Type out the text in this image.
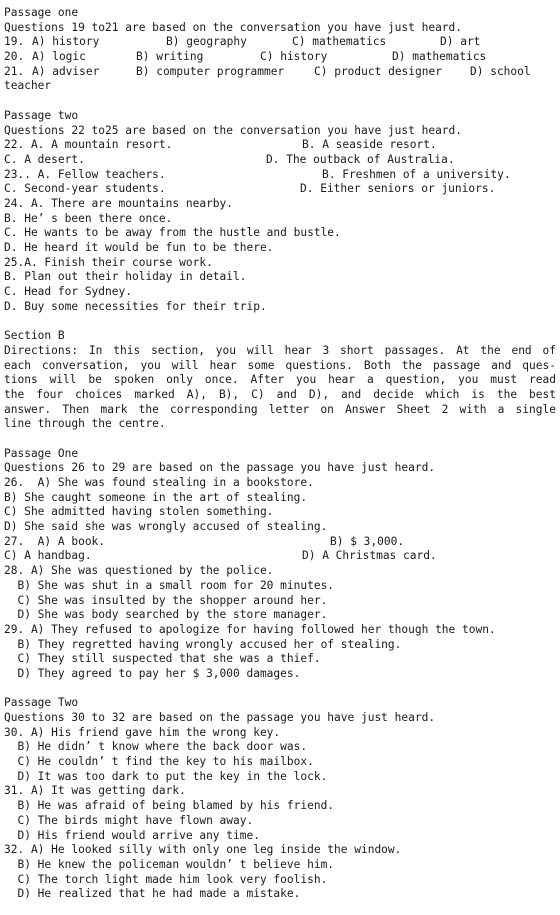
Passage one
Questions 19 to21 are based on the conversation you have just heard.
19. A) history	B) geography	C) mathematics	D) art
20. A) logic	B) writing	C) history	D) mathematics
21. A) adviser	B) computer programmer	C) product designer	D) school
teacher
Passage two
Questions 22 to25 are based on the conversation you have just heard.
22. A. A mountain resort.	B. A seaside resort.
C. A desert.	D. The outback of Australia.
23.. A. Fellow teachers.	B. Freshmen of a university.
C. Second-year students.	D. Either seniors or juniors.
24. A. There are mountains nearby.
B. He’ s been there once.
C. He wants to be away from the hustle and bustle.
D. He heard it would be fun to be there.
25.A. Finish their course work.
B. Plan out their holiday in detail.
C. Head for Sydney.
D. Buy some necessities for their trip.
Section B
Directions: In this section, you will hear 3 short passages. At the end of
each conversation, you will hear some questions. Both the passage and ques-
tions will be spoken only once. After you hear a question, you must read
the four choices marked A), B), C) and D), and decide which is the best
answer. Then mark the corresponding letter on Answer Sheet 2 with a single
line through the centre.
Passage One
Questions 26 to 29 are based on the passage you have just heard.
26.  A) She was found stealing in a bookstore.
B) She caught someone in the art of stealing.
C) She admitted having stolen something.
D) She said she was wrongly accused of stealing.
27.  A) A book.	B) $ 3,000.
C) A handbag.	D) A Christmas card.
28. A) She was questioned by the police.
B) She was shut in a small room for 20 minutes.
C) She was insulted by the shopper around her.
D) She was body searched by the store manager.
29. A) They refused to apologize for having followed her though the town.
B) They regretted having wrongly accused her of stealing.
C) They still suspected that she was a thief.
D) They agreed to pay her $ 3,000 damages.
Passage Two
Questions 30 to 32 are based on the passage you have just heard.
30. A) His friend gave him the wrong key.
B) He didn’ t know where the back door was.
C) He couldn’ t find the key to his mailbox.
D) It was too dark to put the key in the lock.
31. A) It was getting dark.
B) He was afraid of being blamed by his friend.
C) The birds might have flown away.
D) His friend would arrive any time.
32. A) He looked silly with only one leg inside the window.
B) He knew the policeman wouldn’ t believe him.
C) The torch light made him look very foolish.
D) He realized that he had made a mistake.
